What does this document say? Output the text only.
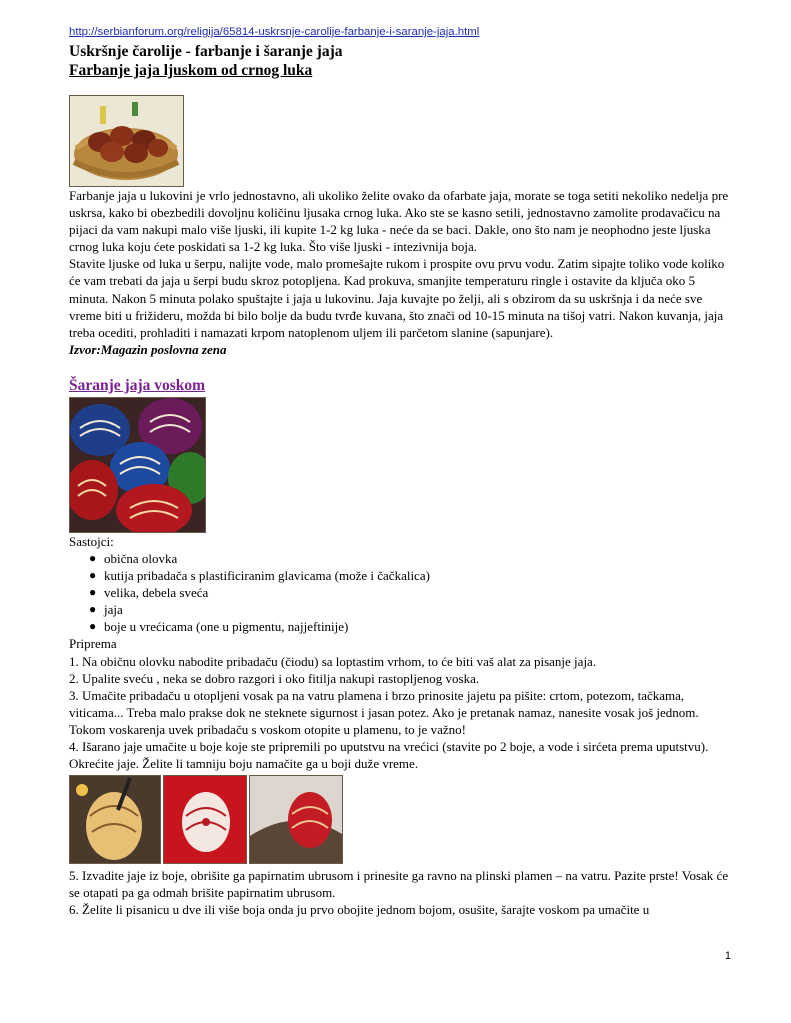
http://serbianforum.org/religija/65814-uskrsnje-carolije-farbanje-i-saranje-jaja.html
Uskršnje čarolije - farbanje i šaranje jaja
Farbanje jaja ljuskom od crnog luka
Farbanje jaja u lukovini je vrlo jednostavno, ali ukoliko želite ovako da ofarbate jaja, morate se toga setiti nekoliko nedelja pre uskrsa, kako bi obezbedili dovoljnu količinu ljusaka crnog luka. Ako ste se kasno setili, jednostavno zamolite prodavačicu na pijaci da vam nakupi malo više ljuski, ili kupite 1-2 kg luka - neće da se baci. Dakle, ono što nam je neophodno jeste ljuska crnog luka koju ćete poskidati sa 1-2 kg luka. Što više ljuski - intezivnija boja.
Stavite ljuske od luka u šerpu, nalijte vode, malo promešajte rukom i prospite ovu prvu vodu. Zatim sipajte toliko vode koliko će vam trebati da jaja u šerpi budu skroz potopljena. Kad prokuva, smanjite temperaturu ringle i ostavite da ključa oko 5 minuta. Nakon 5 minuta polako spuštajte i jaja u lukovinu. Jaja kuvajte po želji, ali s obzirom da su uskršnja i da neće sve vreme biti u frižideru, možda bi bilo bolje da budu tvrđe kuvana, što znači od 10-15 minuta na tišoj vatri. Nakon kuvanja, jaja treba oceditі, prohladiti i namazati krpom natoplenom uljem ili parčetom slanine (sapunjare).
Izvor:Magazin poslovna zena
Šaranje jaja voskom
Sastojci:
● obična olovka
● kutija pribadača s plastificiranim glavicama (može i čačkalica)
● velika, debela sveća
● jaja
● boje u vrećicama (one u pigmentu, najjeftinije)
Priprema
1. Na običnu olovku nabodite pribadaču (čiodu) sa loptastim vrhom, to će biti vaš alat za pisanje jaja.
2. Upalite sveću , neka se dobro razgori i oko fitilja nakupi rastopljenog voska.
3. Umačite pribadaču u otopljeni vosak pa na vatru plamena i brzo prinosite jajetu pa pišite: crtom, potezom, tačkama, viticama... Treba malo prakse dok ne steknete sigurnost i jasan potez. Ako je pretanak namaz, nanesite vosak još jednom. Tokom voskarenja uvek pribadaču s voskom otopite u plamenu, to je važno!
4. Išarano jaje umačite u boje koje ste pripremili po uputstvu na vrećici (stavite po 2 boje, a vode i sirćeta prema uputstvu). Okrećite jaje. Želite li tamniju boju namačite ga u boji duže vreme.
5. Izvadite jaje iz boje, obrišite ga papirnatim ubrusom i prinesite ga ravno na plinski plamen – na vatru. Pazite prste! Vosak će se otapati pa ga odmah brišite papirnatim ubrusom.
6. Želite li pisanicu u dve ili više boja onda ju prvo obojite jednom bojom, osušite, šarajte voskom pa umačite u
1
